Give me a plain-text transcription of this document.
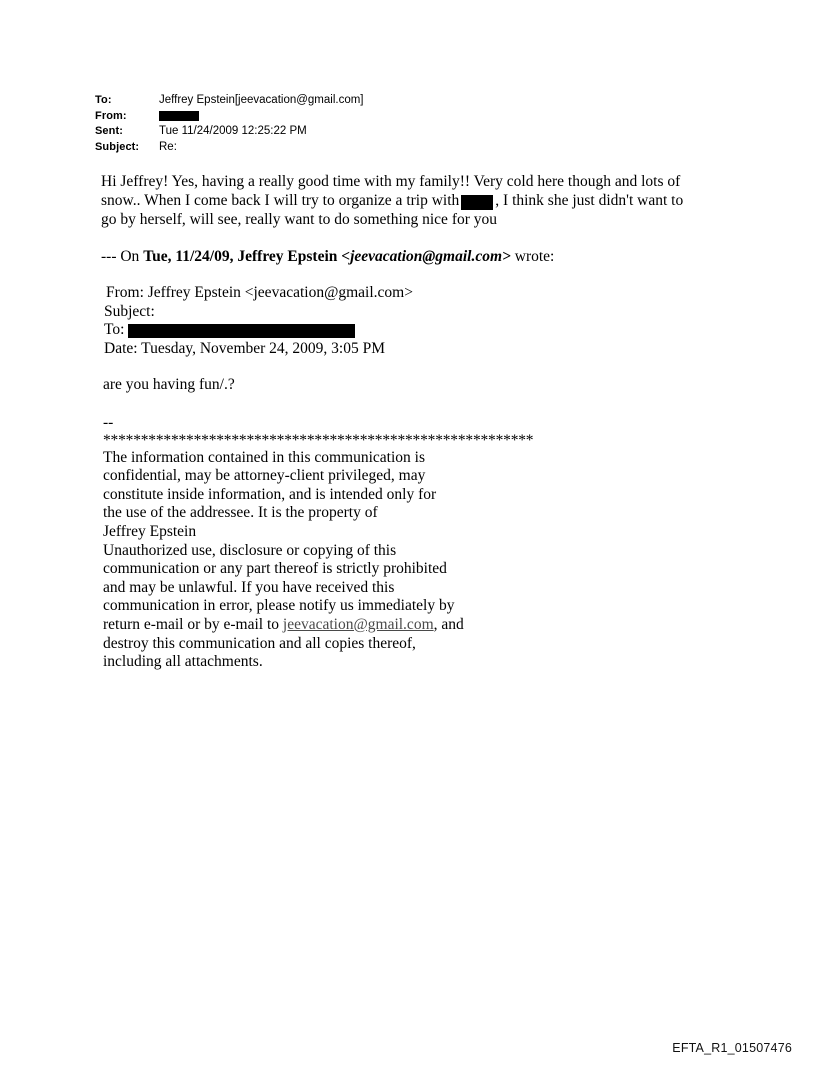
To:	Jeffrey Epstein[jeevacation@gmail.com]
From:
Sent:	Tue 11/24/2009 12:25:22 PM
Subject:	Re:

Hi Jeffrey! Yes, having a really good time with my family!! Very cold here though and lots of

snow.. When I come back I will try to organize a trip with , I think she just didn't want to

go by herself, will see, really want to do something nice for you

--- On Tue, 11/24/09, Jeffrey Epstein <jeevacation@gmail.com> wrote:
From: Jeffrey Epstein <jeevacation@gmail.com>
Subject:
To:
Date: Tuesday, November 24, 2009, 3:05 PM
are you having fun/.?
--
*********************************************************
The information contained in this communication is
confidential, may be attorney-client privileged, may
constitute inside information, and is intended only for
the use of the addressee. It is the property of
Jeffrey Epstein
Unauthorized use, disclosure or copying of this
communication or any part thereof is strictly prohibited
and may be unlawful. If you have received this
communication in error, please notify us immediately by
return e-mail or by e-mail to jeevacation@gmail.com, and
destroy this communication and all copies thereof,
including all attachments.
EFTA_R1_01507476
